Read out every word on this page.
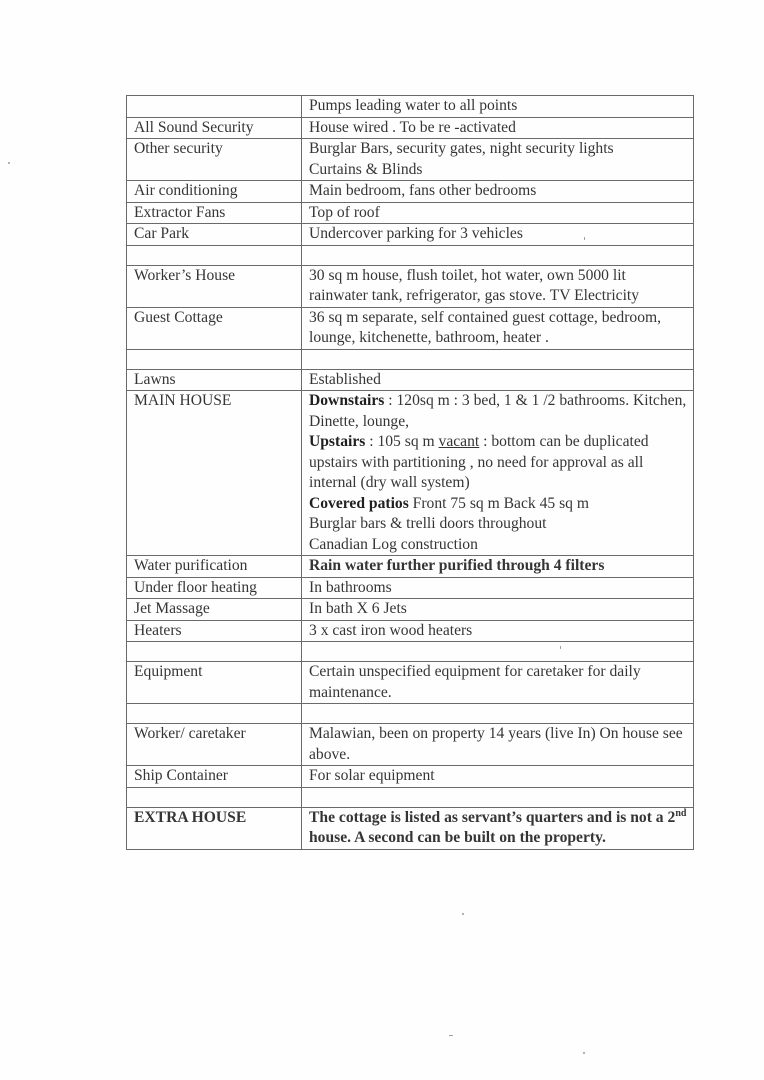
	Pumps leading water to all points
All Sound Security	House wired . To be re -activated
Other security	Burglar Bars, security gates, night security lights
Curtains & Blinds

Air conditioning	Main bedroom, fans other bedrooms
Extractor Fans	Top of roof
Car Park	Undercover parking for 3 vehicles

Worker’s House	30 sq m house, flush toilet, hot water, own 5000 lit rainwater tank, refrigerator, gas stove. TV Electricity
Guest Cottage	36 sq m separate, self contained guest cottage, bedroom, lounge, kitchenette, bathroom, heater .

Lawns	Established
MAIN HOUSE	Downstairs : 120sq m : 3 bed, 1 & 1 /2 bathrooms. Kitchen, Dinette, lounge,
Upstairs : 105 sq m vacant : bottom can be duplicated upstairs with partitioning , no need for approval as all internal (dry wall system)
Covered patios Front 75 sq m Back 45 sq m
Burglar bars & trelli doors throughout
Canadian Log construction

Water purification	Rain water further purified through 4 filters
Under floor heating	In bathrooms
Jet Massage	In bath X 6 Jets
Heaters	3 x cast iron wood heaters

Equipment	Certain unspecified equipment for caretaker for daily maintenance.

Worker/ caretaker	Malawian, been on property 14 years (live In) On house see above.
Ship Container	For solar equipment

EXTRA HOUSE	The cottage is listed as servant’s quarters and is not a 2nd house. A second can be built on the property.
